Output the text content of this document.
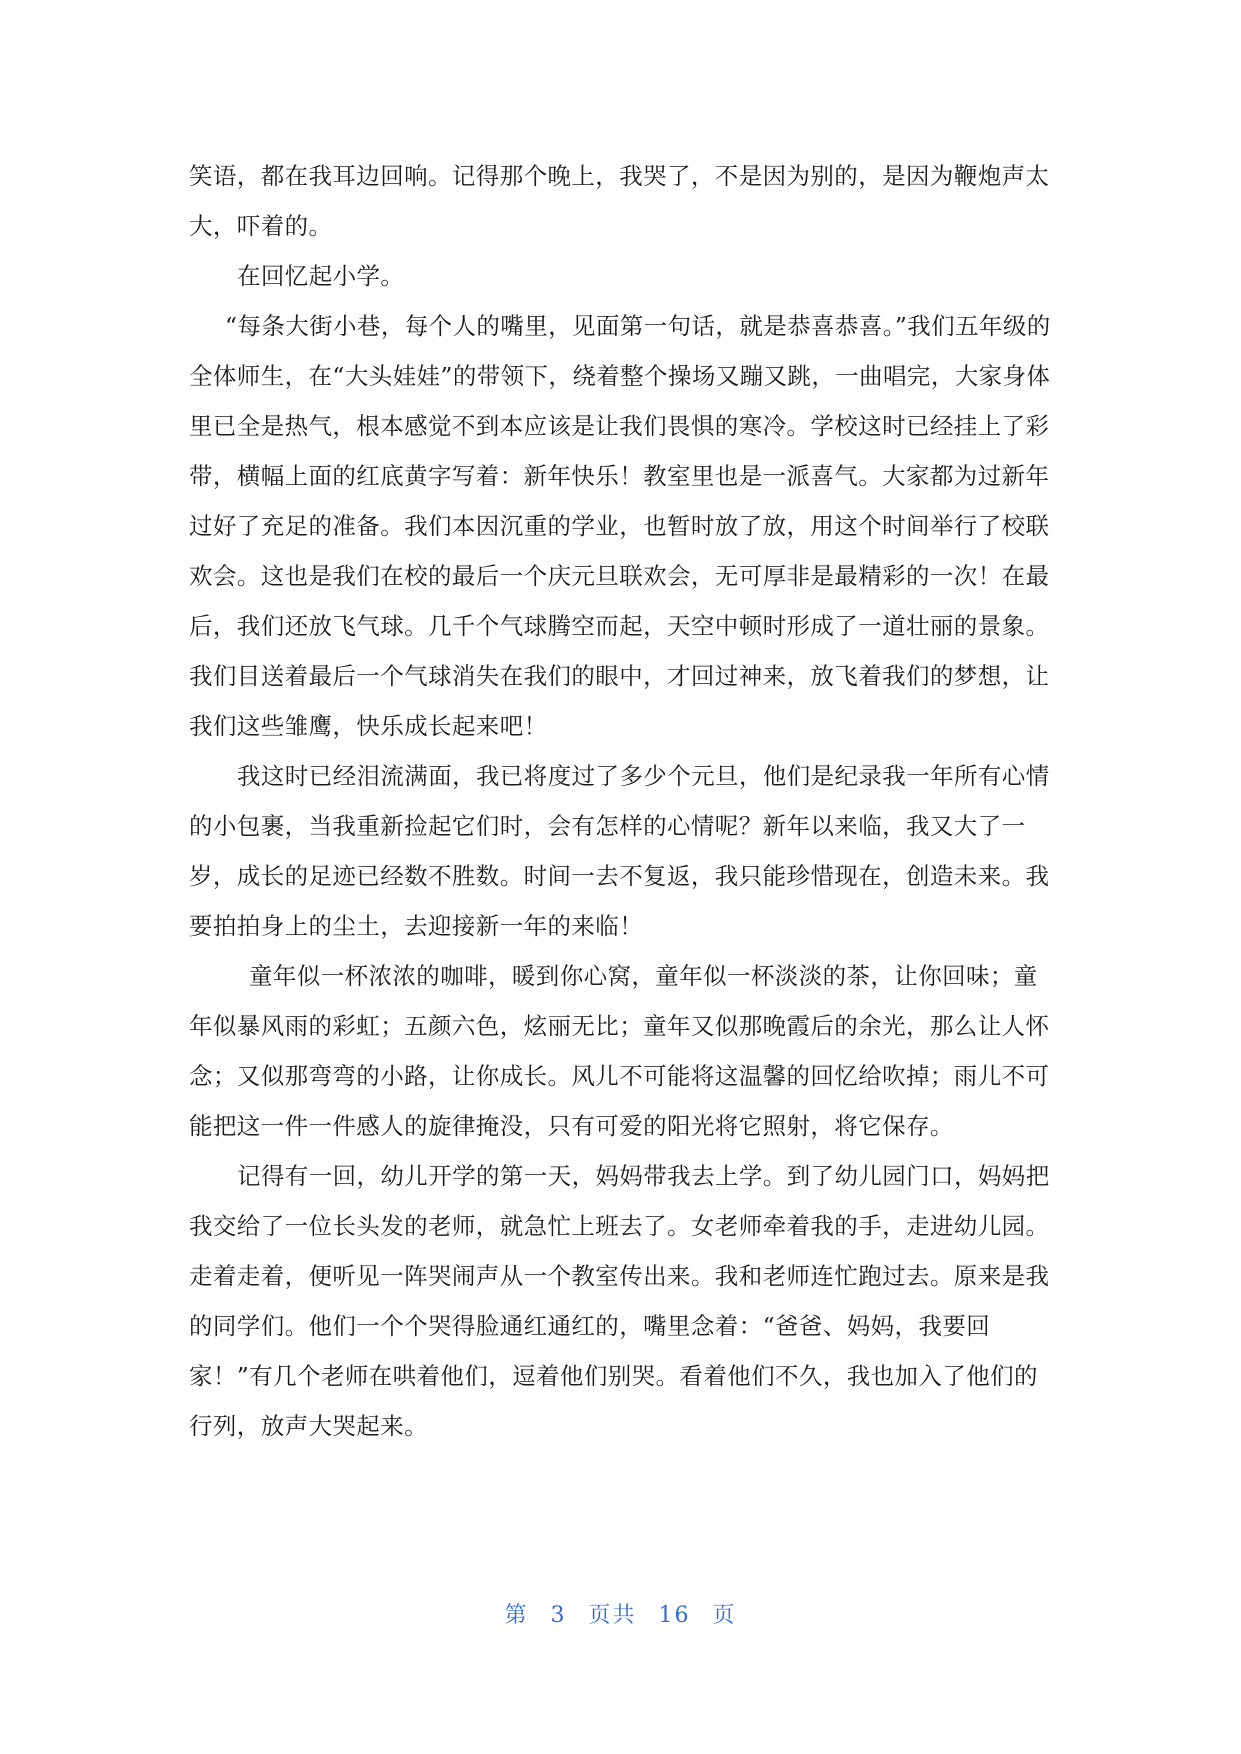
笑语，都在我耳边回响。记得那个晚上，我哭了，不是因为别的，是因为鞭炮声太大，吓着的。

在回忆起小学。

“每条大街小巷，每个人的嘴里，见面第一句话，就是恭喜恭喜。”我们五年级的全体师生，在“大头娃娃”的带领下，绕着整个操场又蹦又跳，一曲唱完，大家身体里已全是热气，根本感觉不到本应该是让我们畏惧的寒冷。学校这时已经挂上了彩带，横幅上面的红底黄字写着：新年快乐！教室里也是一派喜气。大家都为过新年过好了充足的准备。我们本因沉重的学业，也暂时放了放，用这个时间举行了校联欢会。这也是我们在校的最后一个庆元旦联欢会，无可厚非是最精彩的一次！在最后，我们还放飞气球。几千个气球腾空而起，天空中顿时形成了一道壮丽的景象。我们目送着最后一个气球消失在我们的眼中，才回过神来，放飞着我们的梦想，让我们这些雏鹰，快乐成长起来吧！

我这时已经泪流满面，我已将度过了多少个元旦，他们是纪录我一年所有心情的小包裹，当我重新捡起它们时，会有怎样的心情呢？新年以来临，我又大了一岁，成长的足迹已经数不胜数。时间一去不复返，我只能珍惜现在，创造未来。我要拍拍身上的尘土，去迎接新一年的来临！

童年似一杯浓浓的咖啡，暖到你心窝，童年似一杯淡淡的茶，让你回味；童年似暴风雨的彩虹；五颜六色，炫丽无比；童年又似那晚霞后的余光，那么让人怀念；又似那弯弯的小路，让你成长。风儿不可能将这温馨的回忆给吹掉；雨儿不可能把这一件一件感人的旋律掩没，只有可爱的阳光将它照射，将它保存。

记得有一回，幼儿开学的第一天，妈妈带我去上学。到了幼儿园门口，妈妈把我交给了一位长头发的老师，就急忙上班去了。女老师牵着我的手，走进幼儿园。走着走着，便听见一阵哭闹声从一个教室传出来。我和老师连忙跑过去。原来是我的同学们。他们一个个哭得脸通红通红的，嘴里念着：“爸爸、妈妈，我要回家！”有几个老师在哄着他们，逗着他们别哭。看着他们不久，我也加入了他们的行列，放声大哭起来。

第 3 页共 16 页
